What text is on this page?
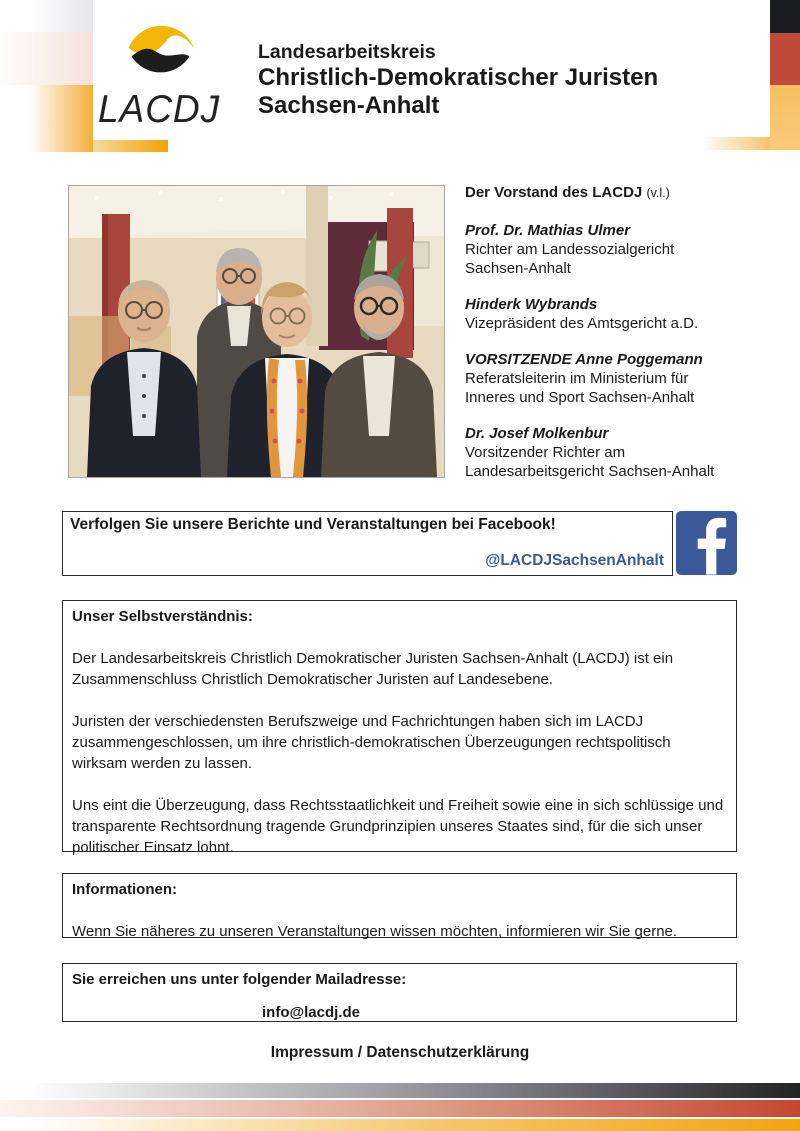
LACDJ
Landesarbeitskreis
Christlich-Demokratischer Juristen
Sachsen-Anhalt
Der Vorstand des LACDJ (v.l.)
Prof. Dr. Mathias Ulmer
Richter am Landessozialgericht Sachsen-Anhalt
Hinderk Wybrands
Vizepräsident des Amtsgericht a.D.
VORSITZENDE Anne Poggemann
Referatsleiterin im Ministerium für Inneres und Sport Sachsen-Anhalt
Dr. Josef Molkenbur
Vorsitzender Richter am Landesarbeitsgericht Sachsen-Anhalt
Verfolgen Sie unsere Berichte und Veranstaltungen bei Facebook!
@LACDJSachsenAnhalt
Unser Selbstverständnis:

Der Landesarbeitskreis Christlich Demokratischer Juristen Sachsen-Anhalt (LACDJ) ist ein Zusammenschluss Christlich Demokratischer Juristen auf Landesebene.

Juristen der verschiedensten Berufszweige und Fachrichtungen haben sich im LACDJ zusammengeschlossen, um ihre christlich-demokratischen Überzeugungen rechtspolitisch wirksam werden zu lassen.

Uns eint die Überzeugung, dass Rechtsstaatlichkeit und Freiheit sowie eine in sich schlüssige und transparente Rechtsordnung tragende Grundprinzipien unseres Staates sind, für die sich unser politischer Einsatz lohnt.

Informationen:

Wenn Sie näheres zu unseren Veranstaltungen wissen möchten, informieren wir Sie gerne.

Sie erreichen uns unter folgender Mailadresse:
info@lacdj.de
Impressum / Datenschutzerklärung
